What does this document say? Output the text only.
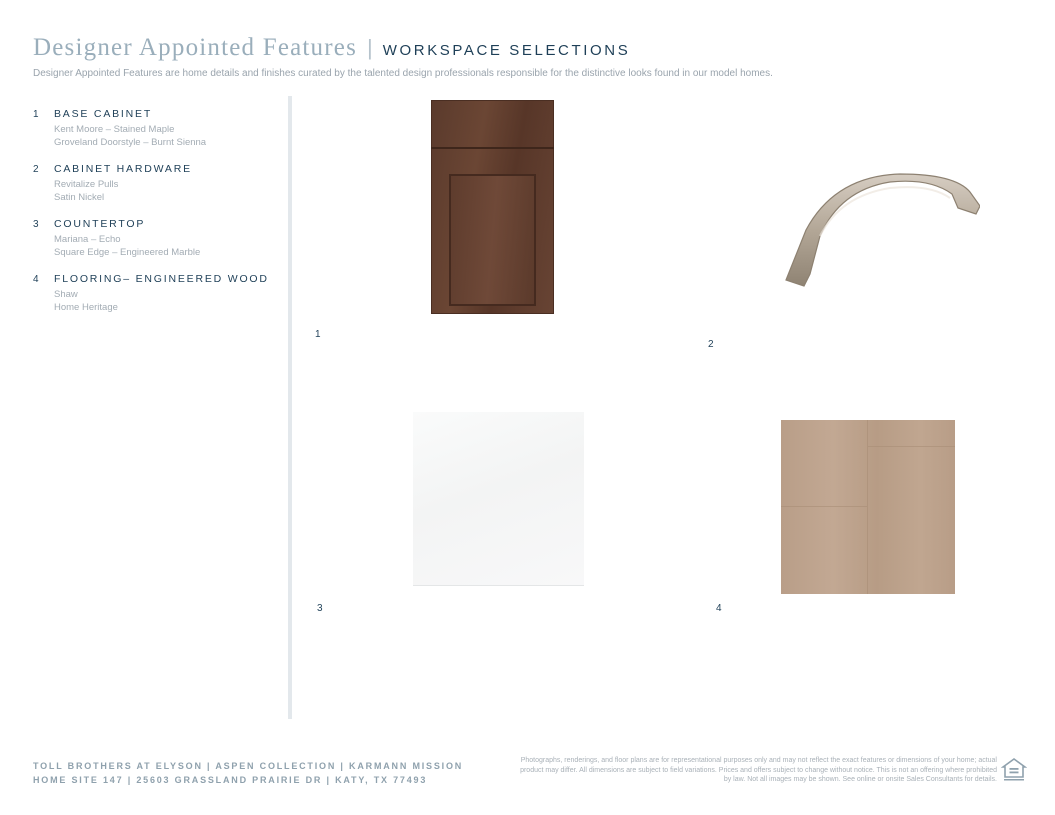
Designer Appointed Features | WORKSPACE SELECTIONS
Designer Appointed Features are home details and finishes curated by the talented design professionals responsible for the distinctive looks found in our model homes.
1	BASE CABINET
Kent Moore – Stained Maple
Groveland Doorstyle – Burnt Sienna
2	CABINET HARDWARE
Revitalize Pulls
Satin Nickel
3	COUNTERTOP
Mariana – Echo
Square Edge – Engineered Marble
4	FLOORING– ENGINEERED WOOD
Shaw
Home Heritage
1
2
3	4
TOLL BROTHERS AT ELYSON | ASPEN COLLECTION | KARMANN MISSION
HOME SITE 147 | 25603 GRASSLAND PRAIRIE DR | KATY, TX 77493
Photographs, renderings, and floor plans are for representational purposes only and may not reflect the exact features or dimensions of your home; actual product may differ. All dimensions are subject to field variations. Prices and offers subject to change without notice. This is not an offering where prohibited by law. Not all images may be shown. See online or onsite Sales Consultants for details.
